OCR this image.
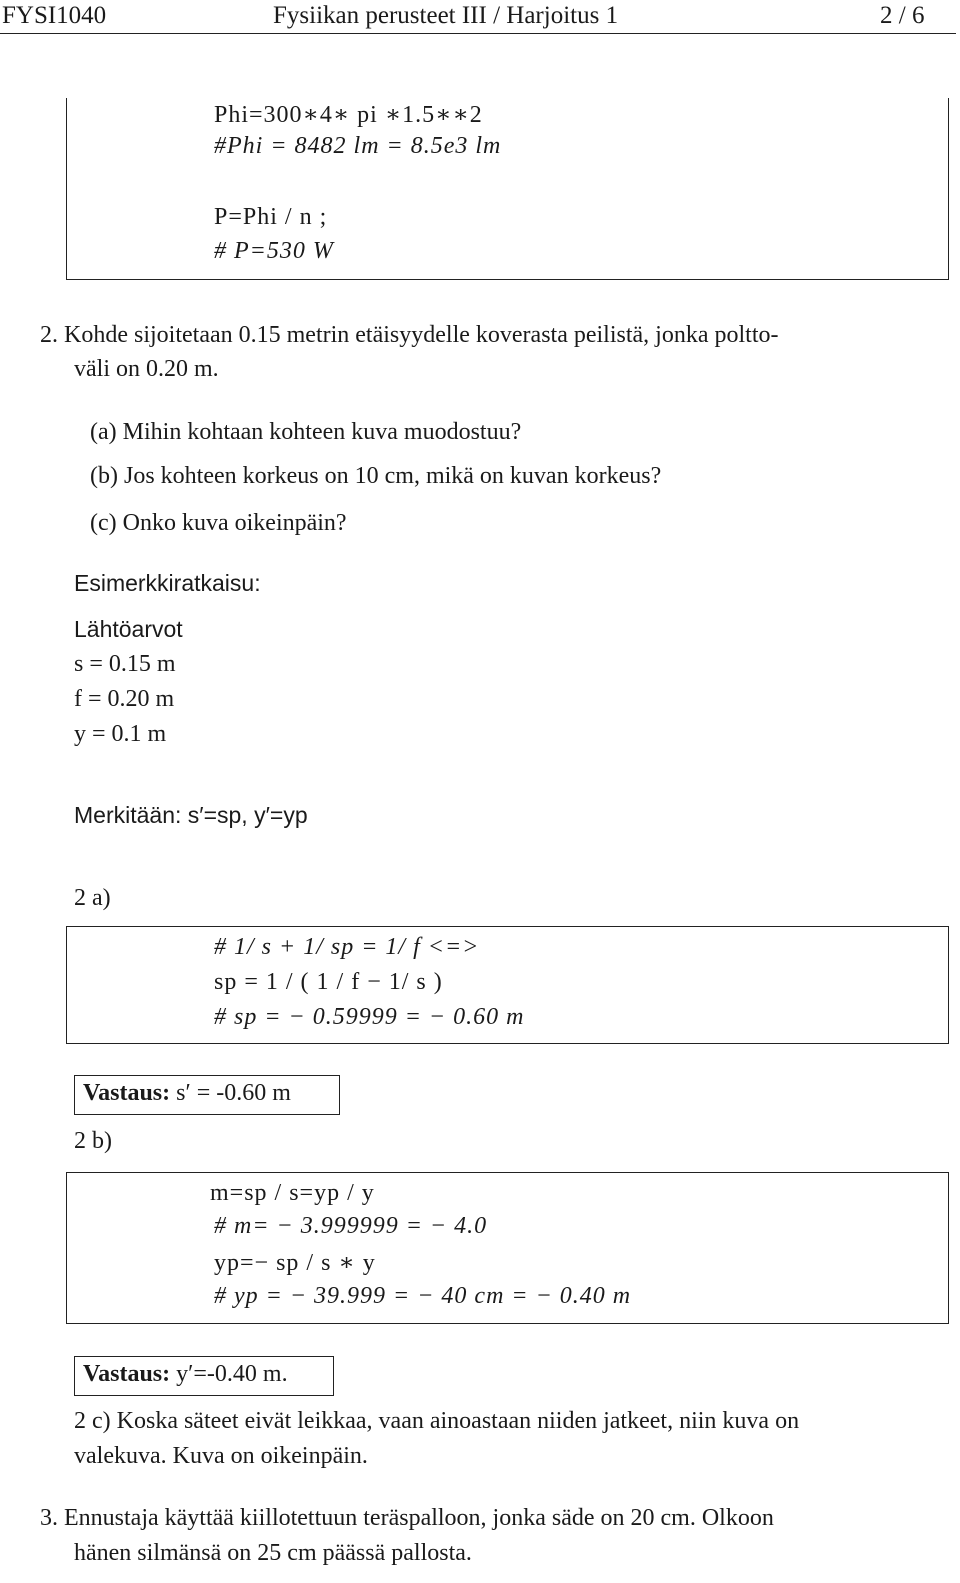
FYSI1040	Fysiikan perusteet III / Harjoitus 1	2 / 6
Phi=300∗4∗ pi ∗1.5∗∗2
#Phi = 8482 lm = 8.5e3 lm
P=Phi / n ;
# P=530 W
2. Kohde sijoitetaan 0.15 metrin etäisyydelle koverasta peilistä, jonka poltto-
väli on 0.20 m.
(a) Mihin kohtaan kohteen kuva muodostuu?
(b) Jos kohteen korkeus on 10 cm, mikä on kuvan korkeus?
(c) Onko kuva oikeinpäin?
Esimerkkiratkaisu:
Lähtöarvot
s = 0.15 m
f = 0.20 m
y = 0.1 m
Merkitään: s′=sp, y′=yp
2 a)
# 1/ s + 1/ sp = 1/ f <=>
sp = 1 / ( 1 / f − 1/ s )
# sp = − 0.59999 = − 0.60 m
Vastaus: s′ = -0.60 m
2 b)
m=sp / s=yp / y
# m= − 3.999999 = − 4.0
yp=− sp / s ∗ y
# yp = − 39.999 = − 40 cm = − 0.40 m
Vastaus: y′=-0.40 m.
2 c) Koska säteet eivät leikkaa, vaan ainoastaan niiden jatkeet, niin kuva on
valekuva. Kuva on oikeinpäin.
3. Ennustaja käyttää kiillotettuun teräspalloon, jonka säde on 20 cm. Olkoon
hänen silmänsä on 25 cm päässä pallosta.
